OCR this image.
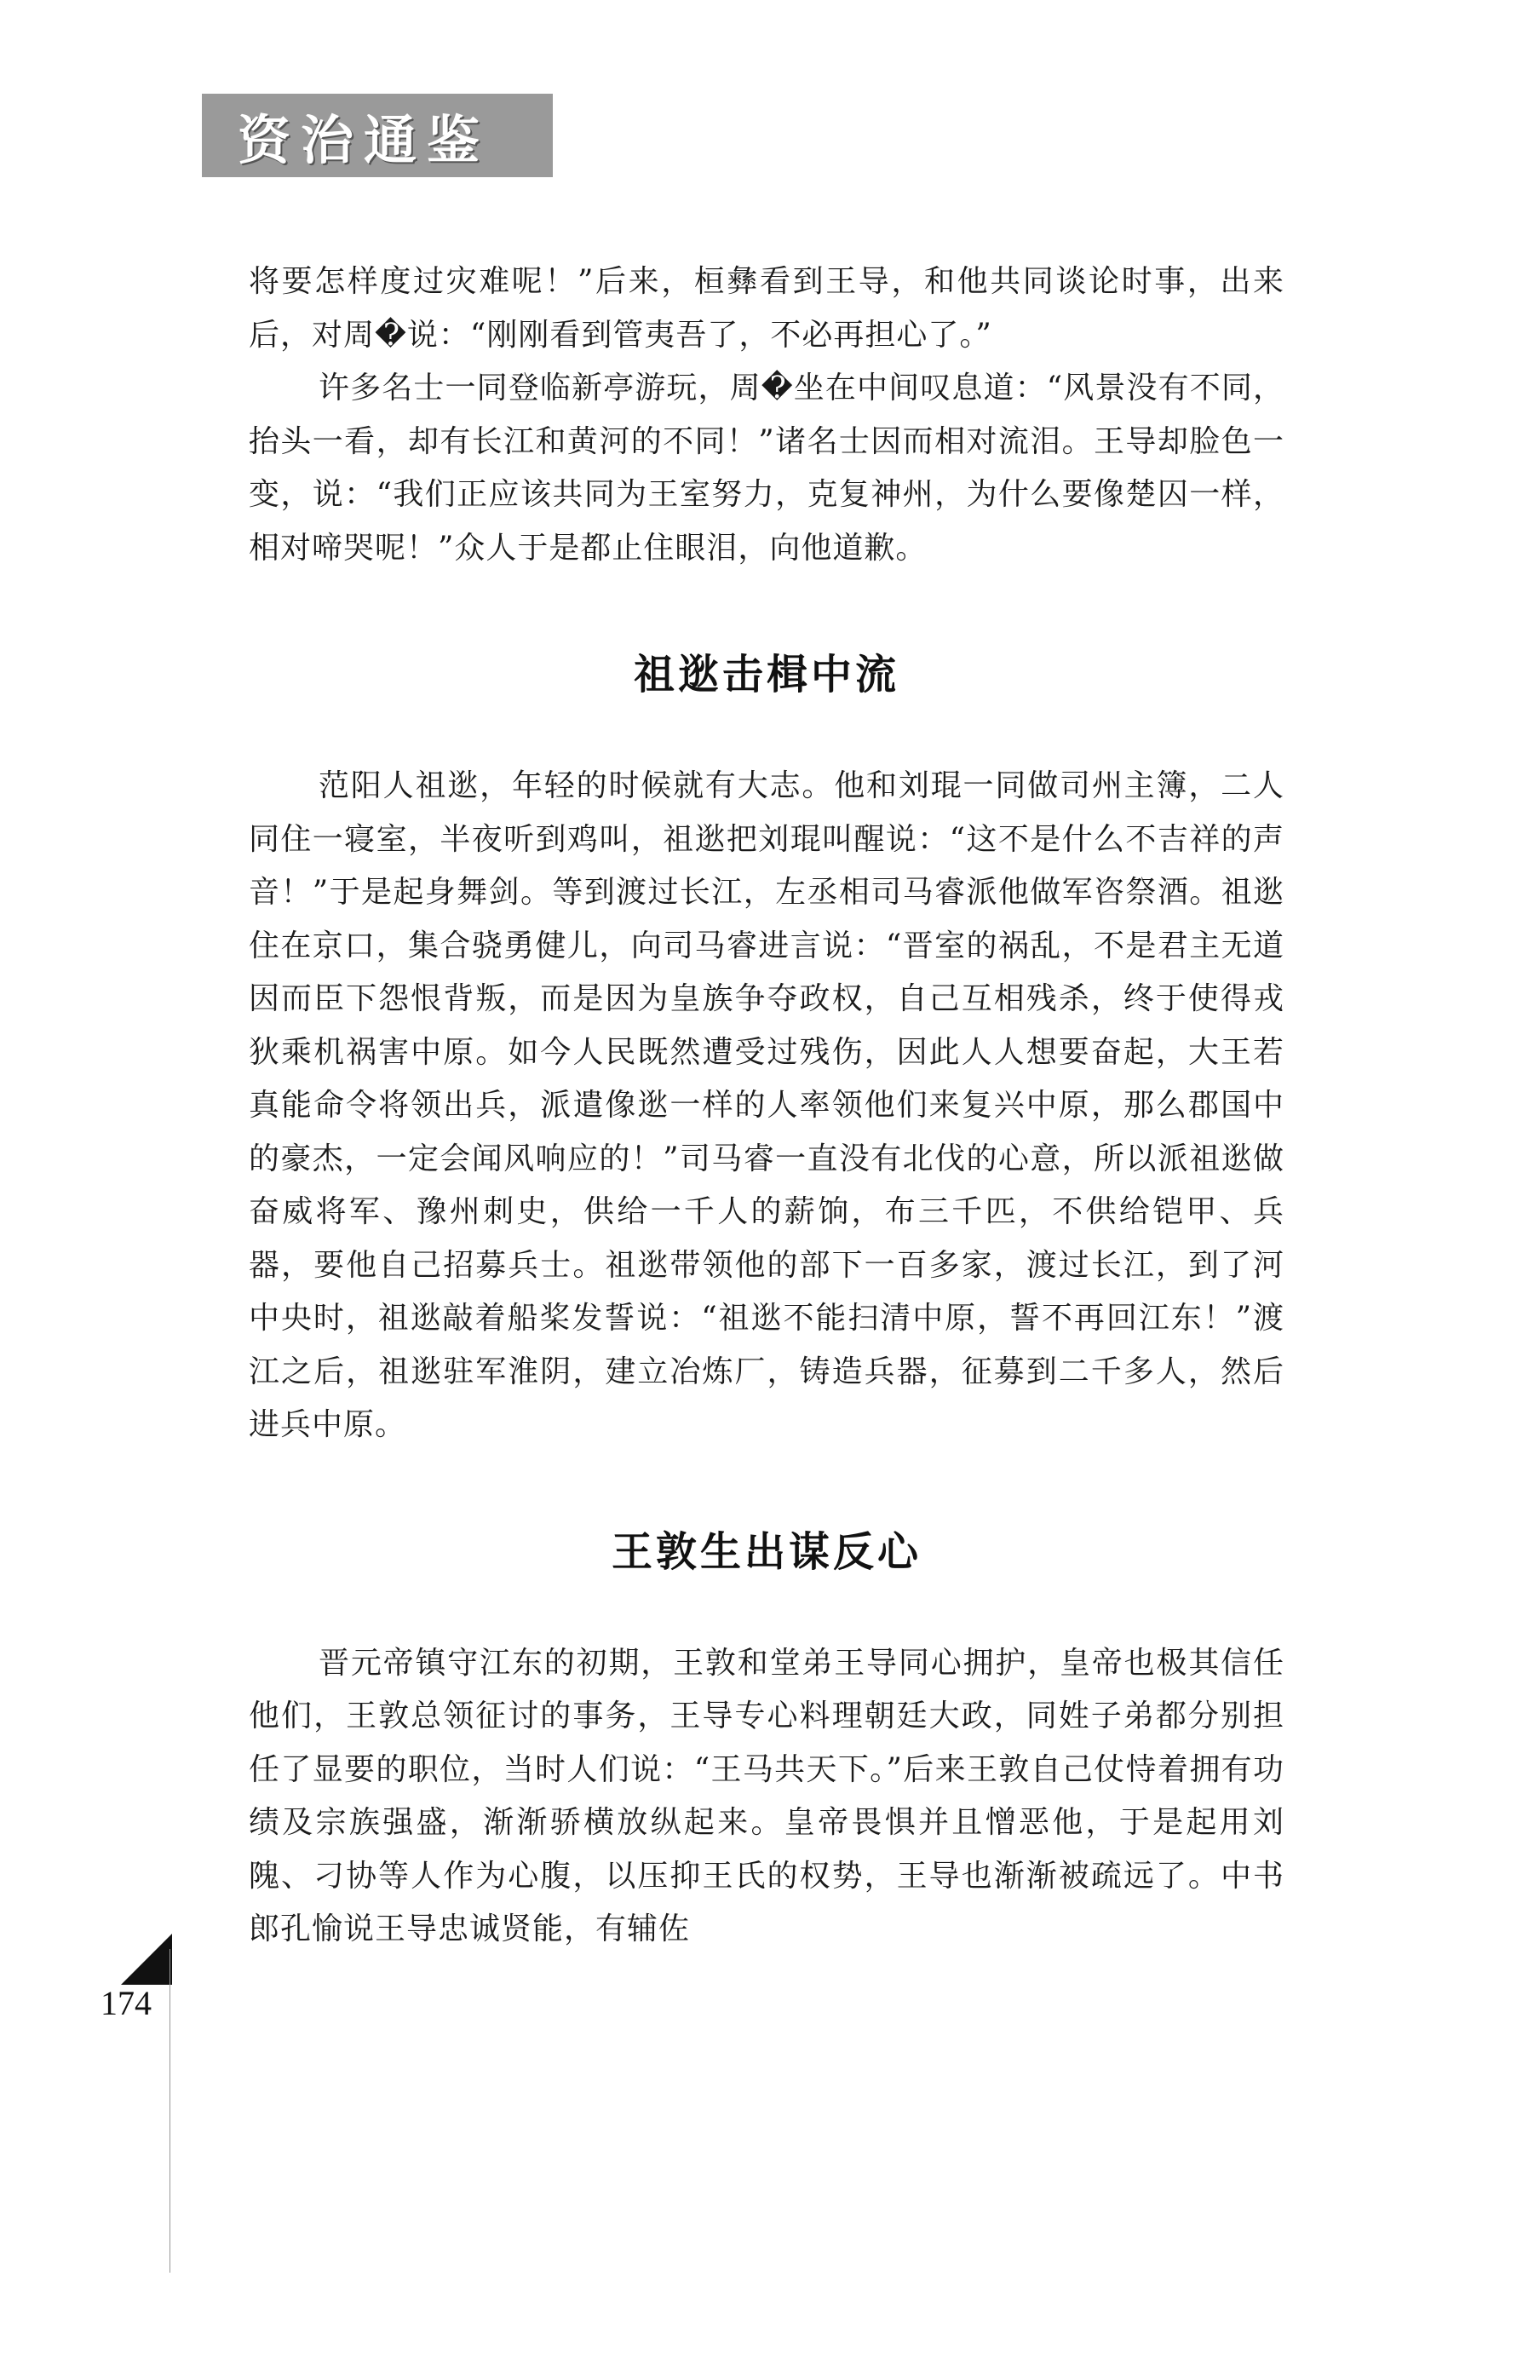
资治通鉴

将要怎样度过灾难呢！”后来，桓彝看到王导，和他共同谈论时事，出来后，对周�说：“刚刚看到管夷吾了，不必再担心了。”

许多名士一同登临新亭游玩，周�坐在中间叹息道：“风景没有不同，抬头一看，却有长江和黄河的不同！”诸名士因而相对流泪。王导却脸色一变，说：“我们正应该共同为王室努力，克复神州，为什么要像楚囚一样，相对啼哭呢！”众人于是都止住眼泪，向他道歉。

祖逖击楫中流

范阳人祖逖，年轻的时候就有大志。他和刘琨一同做司州主簿，二人同住一寝室，半夜听到鸡叫，祖逖把刘琨叫醒说：“这不是什么不吉祥的声音！”于是起身舞剑。等到渡过长江，左丞相司马睿派他做军咨祭酒。祖逖住在京口，集合骁勇健儿，向司马睿进言说：“晋室的祸乱，不是君主无道因而臣下怨恨背叛，而是因为皇族争夺政权，自己互相残杀，终于使得戎狄乘机祸害中原。如今人民既然遭受过残伤，因此人人想要奋起，大王若真能命令将领出兵，派遣像逖一样的人率领他们来复兴中原，那么郡国中的豪杰，一定会闻风响应的！”司马睿一直没有北伐的心意，所以派祖逖做奋威将军、豫州刺史，供给一千人的薪饷，布三千匹，不供给铠甲、兵器，要他自己招募兵士。祖逖带领他的部下一百多家，渡过长江，到了河中央时，祖逖敲着船桨发誓说：“祖逖不能扫清中原，誓不再回江东！”渡江之后，祖逖驻军淮阴，建立冶炼厂，铸造兵器，征募到二千多人，然后进兵中原。

王敦生出谋反心

晋元帝镇守江东的初期，王敦和堂弟王导同心拥护，皇帝也极其信任他们，王敦总领征讨的事务，王导专心料理朝廷大政，同姓子弟都分别担任了显要的职位，当时人们说：“王马共天下。”后来王敦自己仗恃着拥有功绩及宗族强盛，渐渐骄横放纵起来。皇帝畏惧并且憎恶他，于是起用刘隗、刁协等人作为心腹，以压抑王氏的权势，王导也渐渐被疏远了。中书郎孔愉说王导忠诚贤能，有辅佐

174
